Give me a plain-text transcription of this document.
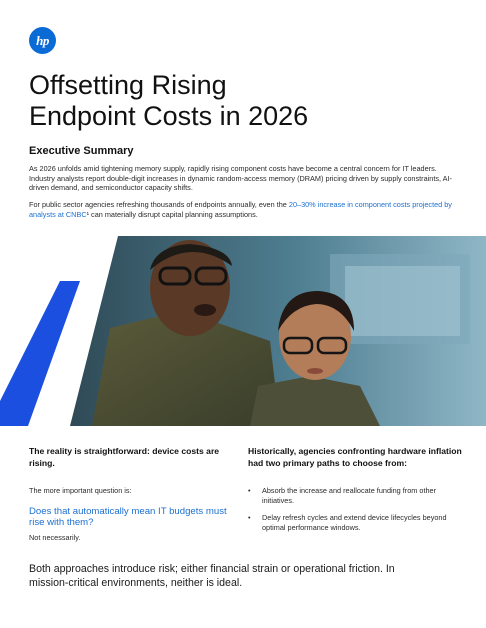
hp
Offsetting Rising
Endpoint Costs in 2026
Executive Summary

As 2026 unfolds amid tightening memory supply, rapidly rising component costs have become a central concern for IT leaders. Industry analysts report double-digit increases in dynamic random-access memory (DRAM) pricing driven by supply constraints, AI-driven demand, and semiconductor capacity shifts.

For public sector agencies refreshing thousands of endpoints annually, even the 20–30% increase in component costs projected by analysts at CNBC¹ can materially disrupt capital planning assumptions.

The reality is straightforward: device costs are rising.

The more important question is:

Does that automatically mean IT budgets must rise with them?

Not necessarily.

Historically, agencies confronting hardware inflation had two primary paths to choose from:

• Absorb the increase and reallocate funding from other initiatives.
• Delay refresh cycles and extend device lifecycles beyond optimal performance windows.

Both approaches introduce risk; either financial strain or operational friction. In mission-critical environments, neither is ideal.
